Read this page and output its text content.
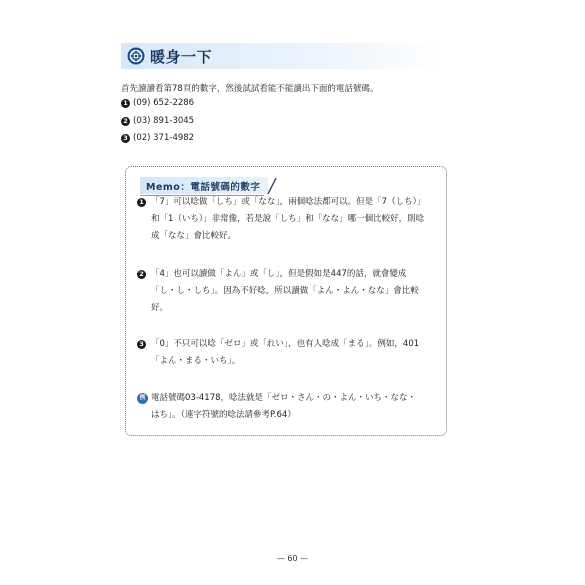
暖身一下
首先讀讀看第78頁的數字，然後試試看能不能讀出下面的電話號碼。
1 (09) 652-2286
2 (03) 891-3045
3 (02) 371-4982
Memo：電話號碼的數字
1 「7」可以唸做「しち」或「なな」，兩個唸法都可以。但是「7（しち）」
和「1（いち）」非常像，若是說「しち」和「なな」哪一個比較好，則唸
成「なな」會比較好。
2 「4」也可以讀做「よん」或「し」，但是假如是447的話，就會變成
「し・し・しち」。因為不好唸，所以讀做「よん・よん・なな」會比較
好。
3 「0」不只可以唸「ゼロ」或「れい」，也有人唸成「まる」。例如，401
「よん・まる・いち」。
例 電話號碼03-4178，唸法就是「ゼロ・さん・の・よん・いち・なな・
はち」。（連字符號的唸法請參考P.64）
— 60 —
